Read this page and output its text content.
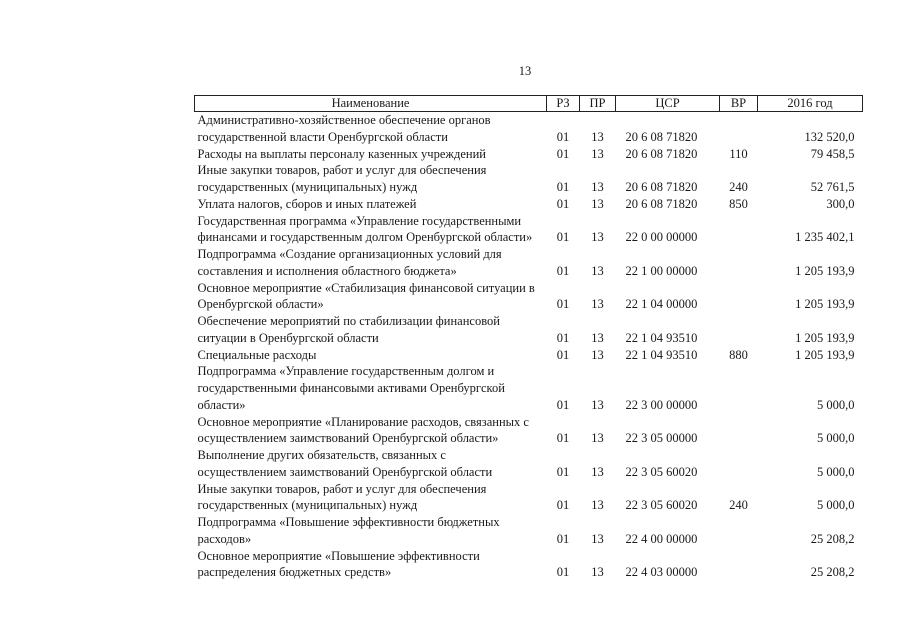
13
Наименование	РЗ	ПР	ЦСР	ВР	2016 год

Административно-хозяйственное обеспечение органов
государственной власти Оренбургской области	01	13	20 6 08 71820		132 520,0

Расходы на выплаты персоналу казенных учреждений	01	13	20 6 08 71820	110	79 458,5

Иные закупки товаров, работ и услуг для обеспечения
государственных (муниципальных) нужд	01	13	20 6 08 71820	240	52 761,5

Уплата налогов, сборов и иных платежей	01	13	20 6 08 71820	850	300,0

Государственная программа «Управление государственными
финансами и государственным долгом Оренбургской области»	01	13	22 0 00 00000		1 235 402,1

Подпрограмма «Создание организационных условий для
составления и исполнения областного бюджета»	01	13	22 1 00 00000		1 205 193,9

Основное мероприятие «Стабилизация финансовой ситуации в
Оренбургской области»	01	13	22 1 04 00000		1 205 193,9

Обеспечение мероприятий по стабилизации финансовой
ситуации в Оренбургской области	01	13	22 1 04 93510		1 205 193,9

Специальные расходы	01	13	22 1 04 93510	880	1 205 193,9

Подпрограмма «Управление государственным долгом и
государственными финансовыми активами Оренбургской
области»	01	13	22 3 00 00000		5 000,0

Основное мероприятие «Планирование расходов, связанных с
осуществлением заимствований Оренбургской области»	01	13	22 3 05 00000		5 000,0

Выполнение других обязательств, связанных с
осуществлением заимствований Оренбургской области	01	13	22 3 05 60020		5 000,0

Иные закупки товаров, работ и услуг для обеспечения
государственных (муниципальных) нужд	01	13	22 3 05 60020	240	5 000,0

Подпрограмма «Повышение эффективности бюджетных
расходов»	01	13	22 4 00 00000		25 208,2

Основное мероприятие «Повышение эффективности
распределения бюджетных средств»	01	13	22 4 03 00000		25 208,2
